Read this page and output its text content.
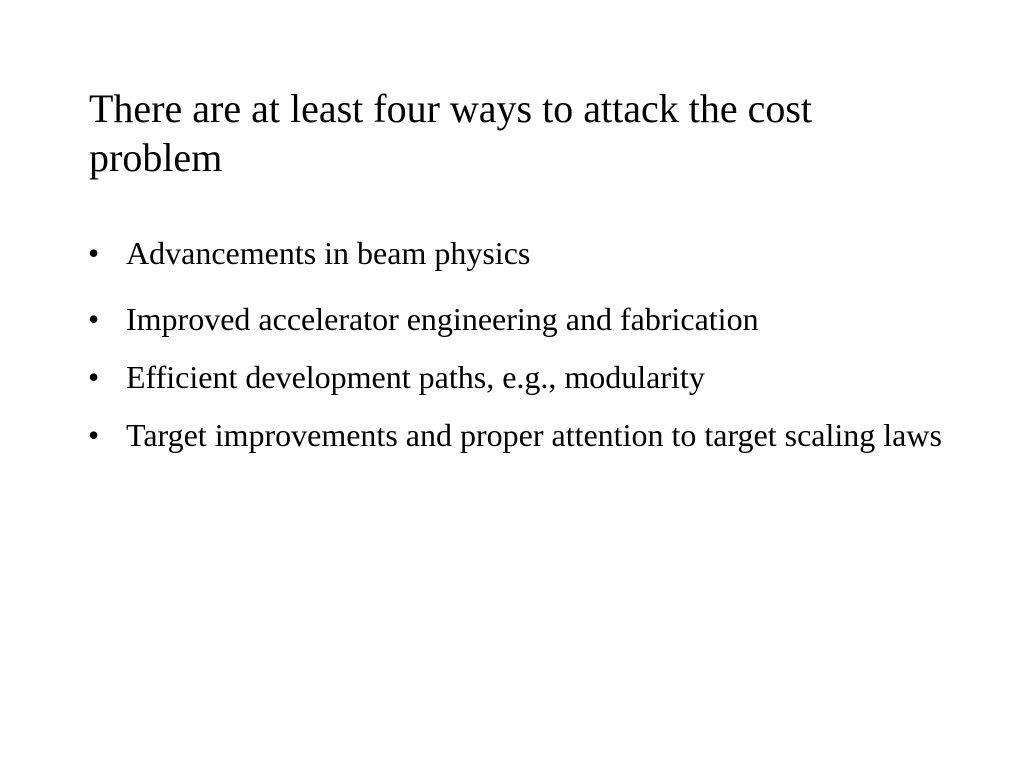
There are at least four ways to attack the cost problem
• Advancements in beam physics
• Improved accelerator engineering and fabrication
• Efficient development paths, e.g., modularity
• Target improvements and proper attention to target scaling laws
